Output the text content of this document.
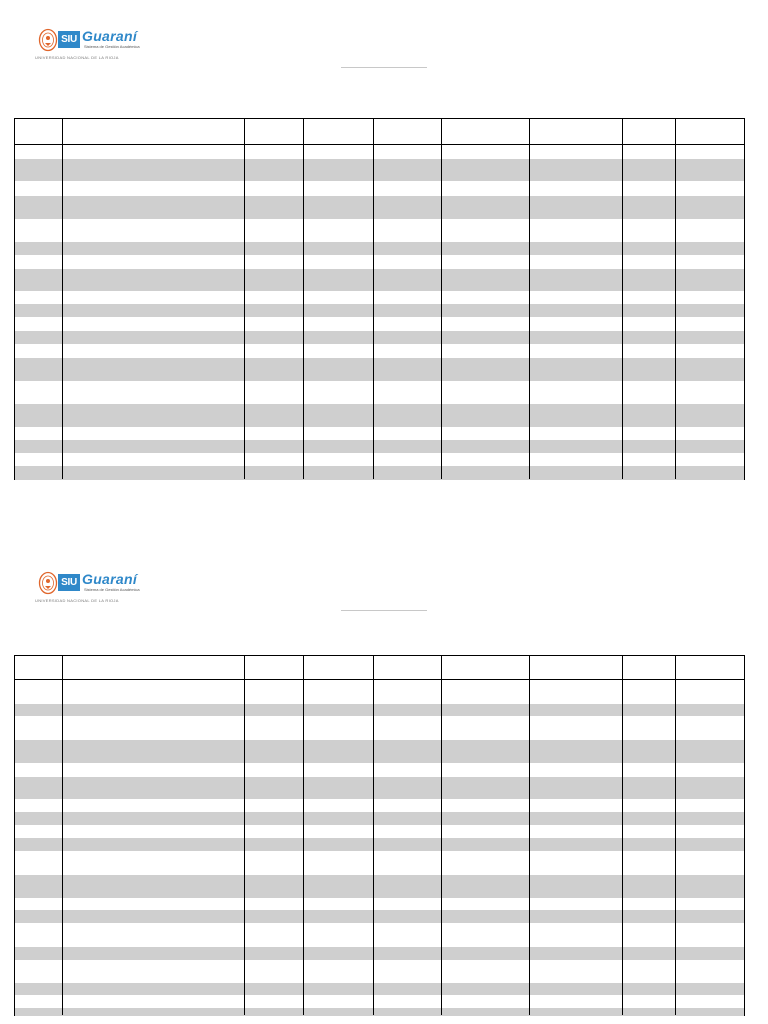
SIU Guaraní
Sistema de Gestión Académica
UNIVERSIDAD NACIONAL DE LA RIOJA
SIU Guaraní
Sistema de Gestión Académica
UNIVERSIDAD NACIONAL DE LA RIOJA
